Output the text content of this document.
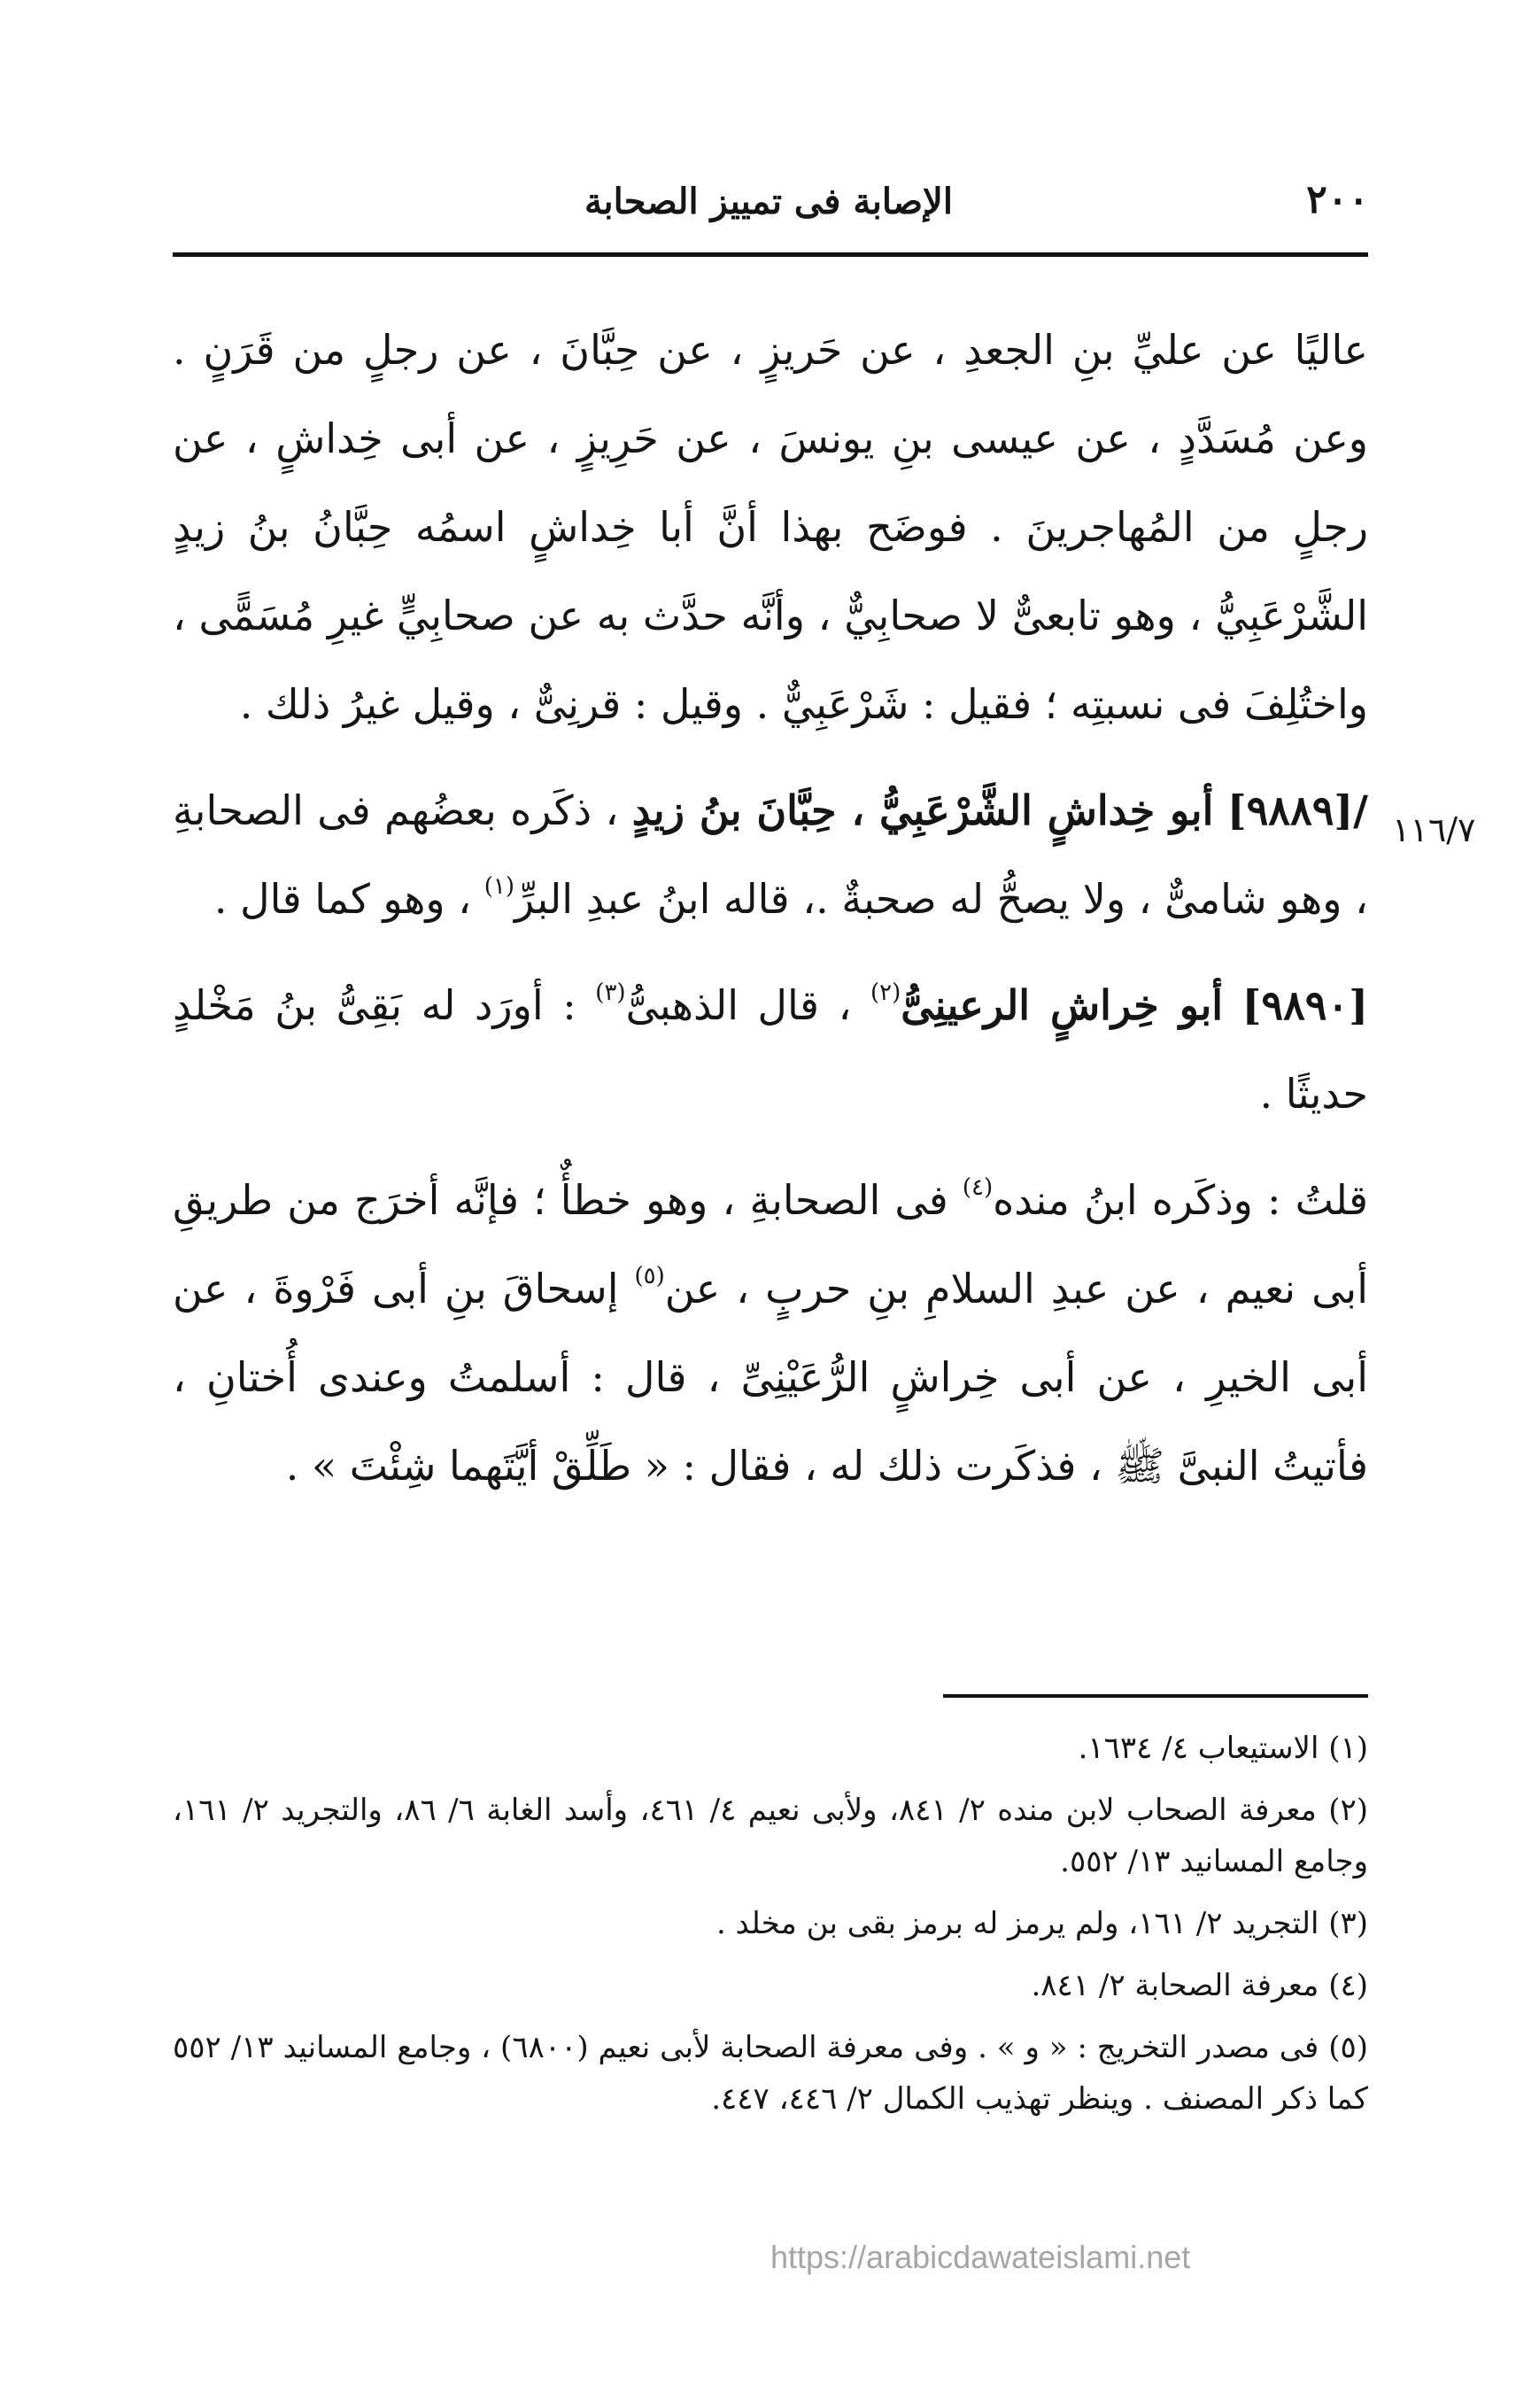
٢٠٠
الإصابة فى تمييز الصحابة

عاليًا عن عليِّ بنِ الجعدِ ، عن حَريزٍ ، عن حِبَّانَ ، عن رجلٍ من قَرَنٍ . وعن مُسَدَّدٍ ، عن عيسى بنِ يونسَ ، عن حَرِيزٍ ، عن أبى خِداشٍ ، عن رجلٍ من المُهاجرينَ . فوضَح بهذا أنَّ أبا خِداشٍ اسمُه حِبَّانُ بنُ زيدٍ الشَّرْعَبِيُّ ، وهو تابعىٌّ لا صحابِيٌّ ، وأنَّه حدَّث به عن صحابِيٍّ غيرِ مُسَمًّى ، واختُلِفَ فى نسبتِه ؛ فقيل : شَرْعَبِيٌّ . وقيل : قرنِىٌّ ، وقيل غيرُ ذلك .

/[٩٨٨٩] أبو خِداشٍ الشَّرْعَبِيُّ ، حِبَّانَ بنُ زيدٍ ، ذكَره بعضُهم فى الصحابةِ ، وهو شامىٌّ ، ولا يصحُّ له صحبةٌ .، قاله ابنُ عبدِ البرِّ$^{(١)}$ ، وهو كما قال .

[٩٨٩٠] أبو خِراشٍ الرعينِىُّ$^{(٢)}$ ، قال الذهبىُّ$^{(٣)}$ : أورَد له بَقِىُّ بنُ مَخْلدٍ حديثًا .

قلتُ : وذكَره ابنُ منده$^{(٤)}$ فى الصحابةِ ، وهو خطأٌ ؛ فإنَّه أخرَج من طريقِ أبى نعيم ، عن عبدِ السلامِ بنِ حربٍ ، عن$^{(٥)}$ إسحاقَ بنِ أبى فَرْوةَ ، عن أبى الخيرِ ، عن أبى خِراشٍ الرُّعَيْنِىِّ ، قال : أسلمتُ وعندى أُختانِ ، فأتيتُ النبىَّ ﷺ ، فذكَرت ذلك له ، فقال : « طَلِّقْ أيَّتَهما شِئْتَ » .

١١٦/٧

(١) الاستيعاب ٤/ ١٦٣٤.

(٢) معرفة الصحاب لابن منده ٢/ ٨٤١، ولأبى نعيم ٤/ ٤٦١، وأسد الغابة ٦/ ٨٦، والتجريد ٢/ ١٦١، وجامع المسانيد ١٣/ ٥٥٢.

(٣) التجريد ٢/ ١٦١، ولم يرمز له برمز بقى بن مخلد .

(٤) معرفة الصحابة ٢/ ٨٤١.

(٥) فى مصدر التخريج : « و » . وفى معرفة الصحابة لأبى نعيم (٦٨٠٠) ، وجامع المسانيد ١٣/ ٥٥٢ كما ذكر المصنف . وينظر تهذيب الكمال ٢/ ٤٤٦، ٤٤٧.

https://arabicdawateislami.net
